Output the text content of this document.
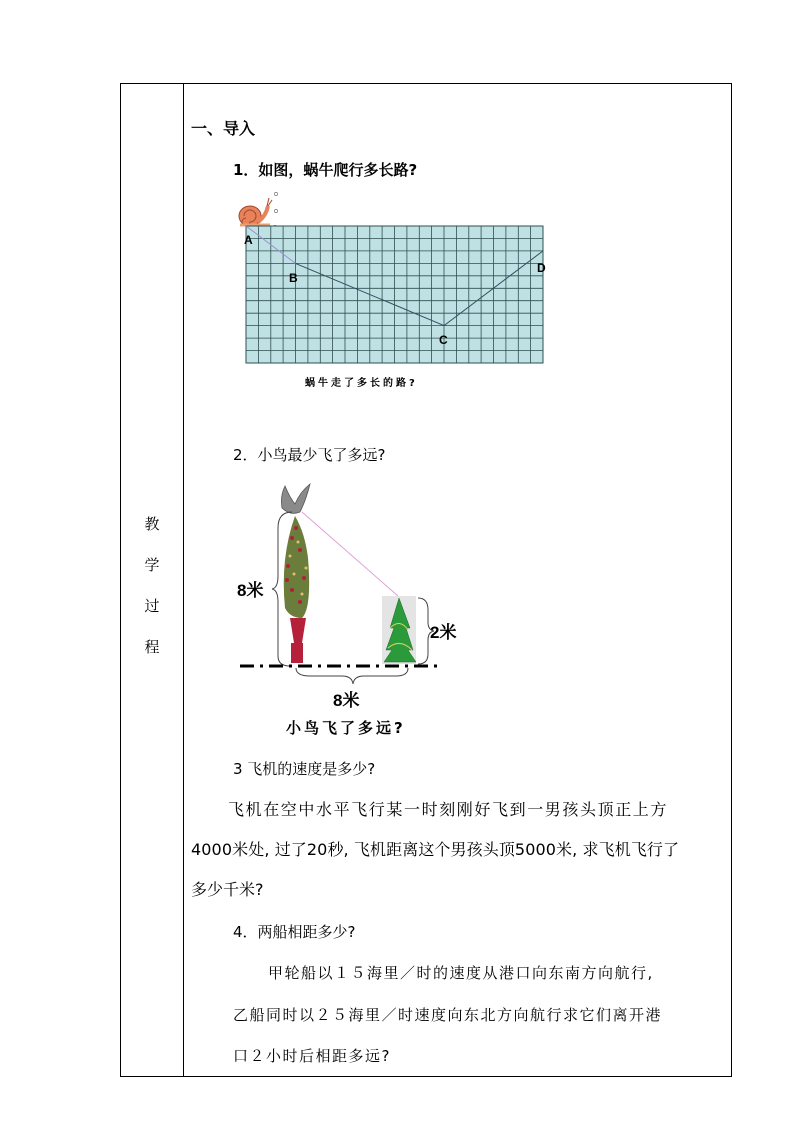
教
学
过
程
一、导入
1．如图，蜗牛爬行多长路?
A
B
C
D
蜗牛走了多长的路?
2．小鸟最少飞了多远?
8米
2米
8米
小鸟飞了多远?
3 飞机的速度是多少?
飞机在空中水平飞行某一时刻刚好飞到一男孩头顶正上方
4000米处, 过了20秒, 飞机距离这个男孩头顶5000米, 求飞机飞行了
多少千米?
4．两船相距多少?
甲轮船以１５海里／时的速度从港口向东南方向航行,
乙船同时以２５海里／时速度向东北方向航行求它们离开港
口２小时后相距多远?
